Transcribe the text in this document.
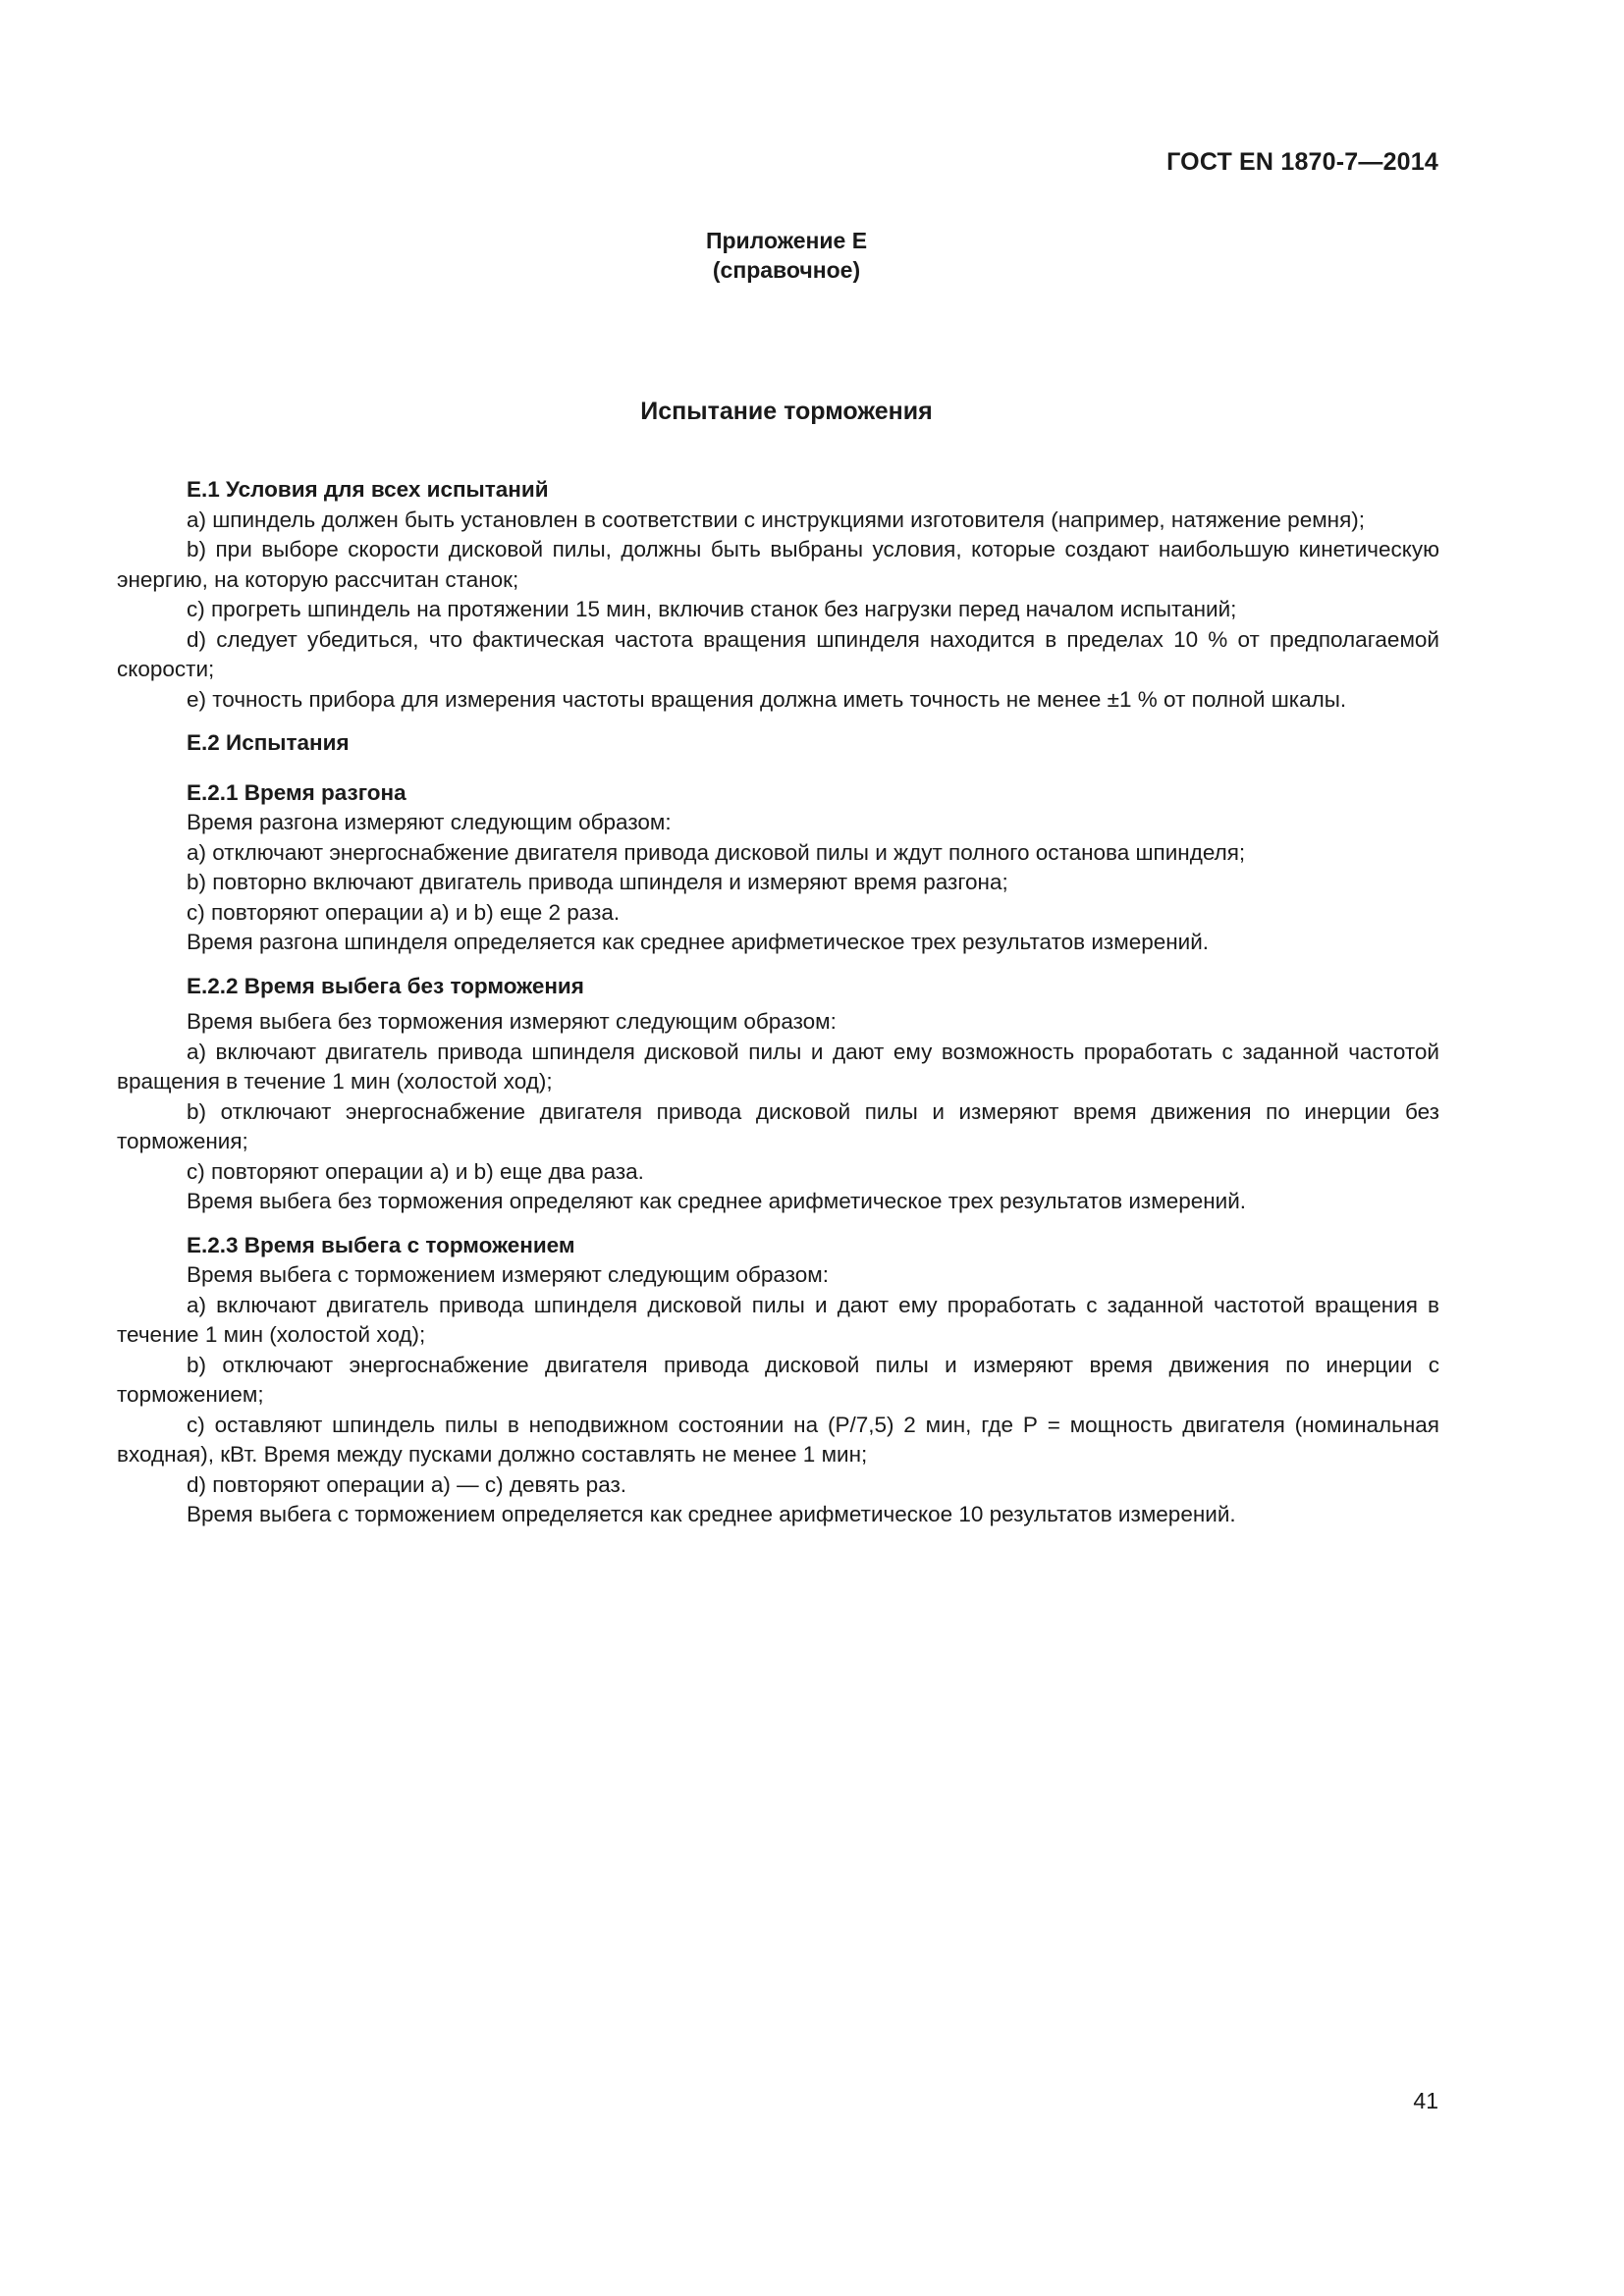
ГОСТ EN 1870-7—2014
Приложение Е
(справочное)
Испытание торможения
Е.1 Условия для всех испытаний

a) шпиндель должен быть установлен в соответствии с инструкциями изготовителя (например, натяжение ремня);

b) при выборе скорости дисковой пилы, должны быть выбраны условия, которые создают наибольшую кинетическую энергию, на которую рассчитан станок;

c) прогреть шпиндель на протяжении 15 мин, включив станок без нагрузки перед началом испытаний;

d) следует убедиться, что фактическая частота вращения шпинделя находится в пределах 10 % от предполагаемой скорости;

e) точность прибора для измерения частоты вращения должна иметь точность не менее ±1 % от полной шкалы.

Е.2 Испытания
Е.2.1 Время разгона

Время разгона измеряют следующим образом:

a) отключают энергоснабжение двигателя привода дисковой пилы и ждут полного останова шпинделя;

b) повторно включают двигатель привода шпинделя и измеряют время разгона;

c) повторяют операции a) и b) еще 2 раза.

Время разгона шпинделя определяется как среднее арифметическое трех результатов измерений.

Е.2.2 Время выбега без торможения

Время выбега без торможения измеряют следующим образом:

a) включают двигатель привода шпинделя дисковой пилы и дают ему возможность проработать с заданной частотой вращения в течение 1 мин (холостой ход);

b) отключают энергоснабжение двигателя привода дисковой пилы и измеряют время движения по инерции без торможения;

c) повторяют операции a) и b) еще два раза.

Время выбега без торможения определяют как среднее арифметическое трех результатов измерений.

Е.2.3 Время выбега с торможением

Время выбега с торможением измеряют следующим образом:

a) включают двигатель привода шпинделя дисковой пилы и дают ему проработать с заданной частотой вращения в течение 1 мин (холостой ход);

b) отключают энергоснабжение двигателя привода дисковой пилы и измеряют время движения по инерции с торможением;

c) оставляют шпиндель пилы в неподвижном состоянии на (Р/7,5) 2 мин, где Р = мощность двигателя (номинальная входная), кВт. Время между пусками должно составлять не менее 1 мин;

d) повторяют операции a) — c) девять раз.

Время выбега с торможением определяется как среднее арифметическое 10 результатов измерений.

41
